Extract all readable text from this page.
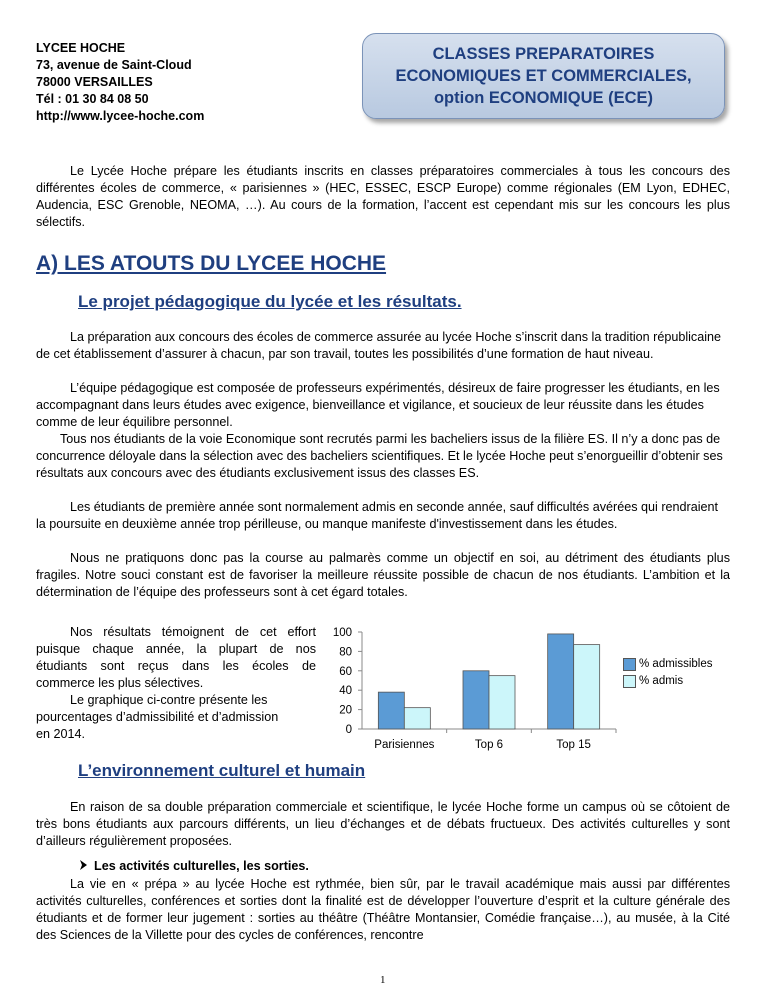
LYCEE HOCHE
73, avenue de Saint-Cloud
78000 VERSAILLES
Tél : 01 30 84 08 50
http://www.lycee-hoche.com
CLASSES PREPARATOIRES
ECONOMIQUES ET COMMERCIALES,
option ECONOMIQUE (ECE)

Le Lycée Hoche prépare les étudiants inscrits en classes préparatoires commerciales à tous les concours des différentes écoles de commerce, « parisiennes » (HEC, ESSEC, ESCP Europe) comme régionales (EM Lyon, EDHEC, Audencia, ESC Grenoble, NEOMA, …). Au cours de la formation, l’accent est cependant mis sur les concours les plus sélectifs.

A) LES ATOUTS DU LYCEE HOCHE
Le projet pédagogique du lycée et les résultats.

La préparation aux concours des écoles de commerce assurée au lycée Hoche s’inscrit dans la tradition républicaine de cet établissement d’assurer à chacun, par son travail, toutes les possibilités d’une formation de haut niveau.

L’équipe pédagogique est composée de professeurs expérimentés, désireux de faire progresser les étudiants, en les accompagnant dans leurs études avec exigence, bienveillance et vigilance, et soucieux de leur réussite dans les études comme de leur équilibre personnel.

Tous nos étudiants de la voie Economique sont recrutés parmi les bacheliers issus de la filière ES. Il n’y a donc pas de concurrence déloyale dans la sélection avec des bacheliers scientifiques. Et le lycée Hoche peut s’enorgueillir d’obtenir ses résultats aux concours avec des étudiants exclusivement issus des classes ES.

Les étudiants de première année sont normalement admis en seconde année, sauf difficultés avérées qui rendraient la poursuite en deuxième année trop périlleuse, ou manque manifeste d'investissement dans les études.

Nous ne pratiquons donc pas la course au palmarès comme un objectif en soi, au détriment des étudiants plus fragiles. Notre souci constant est de favoriser la meilleure réussite possible de chacun de nos étudiants. L’ambition et la détermination de l’équipe des professeurs sont à cet égard totales.

Nos résultats témoignent de cet effort puisque chaque année, la plupart de nos étudiants sont reçus dans les écoles de commerce les plus sélectives.

Le graphique ci-contre présente les pourcentages d’admissibilité et d’admission en 2014.	0
20
40
60
80
100
Parisiennes	Top 6	Top 15
% admissibles
% admis
L’environnement culturel et humain

En raison de sa double préparation commerciale et scientifique, le lycée Hoche forme un campus où se côtoient de très bons étudiants aux parcours différents, un lieu d’échanges et de débats fructueux. Des activités culturelles y sont d’ailleurs régulièrement proposées.

Les activités culturelles, les sorties.

La vie en « prépa » au lycée Hoche est rythmée, bien sûr, par le travail académique mais aussi par différentes activités culturelles, conférences et sorties dont la finalité est de développer l’ouverture d’esprit et la culture générale des étudiants et de former leur jugement : sorties au théâtre (Théâtre Montansier, Comédie française…), au musée, à la Cité des Sciences de la Villette pour des cycles de conférences, rencontre

1
